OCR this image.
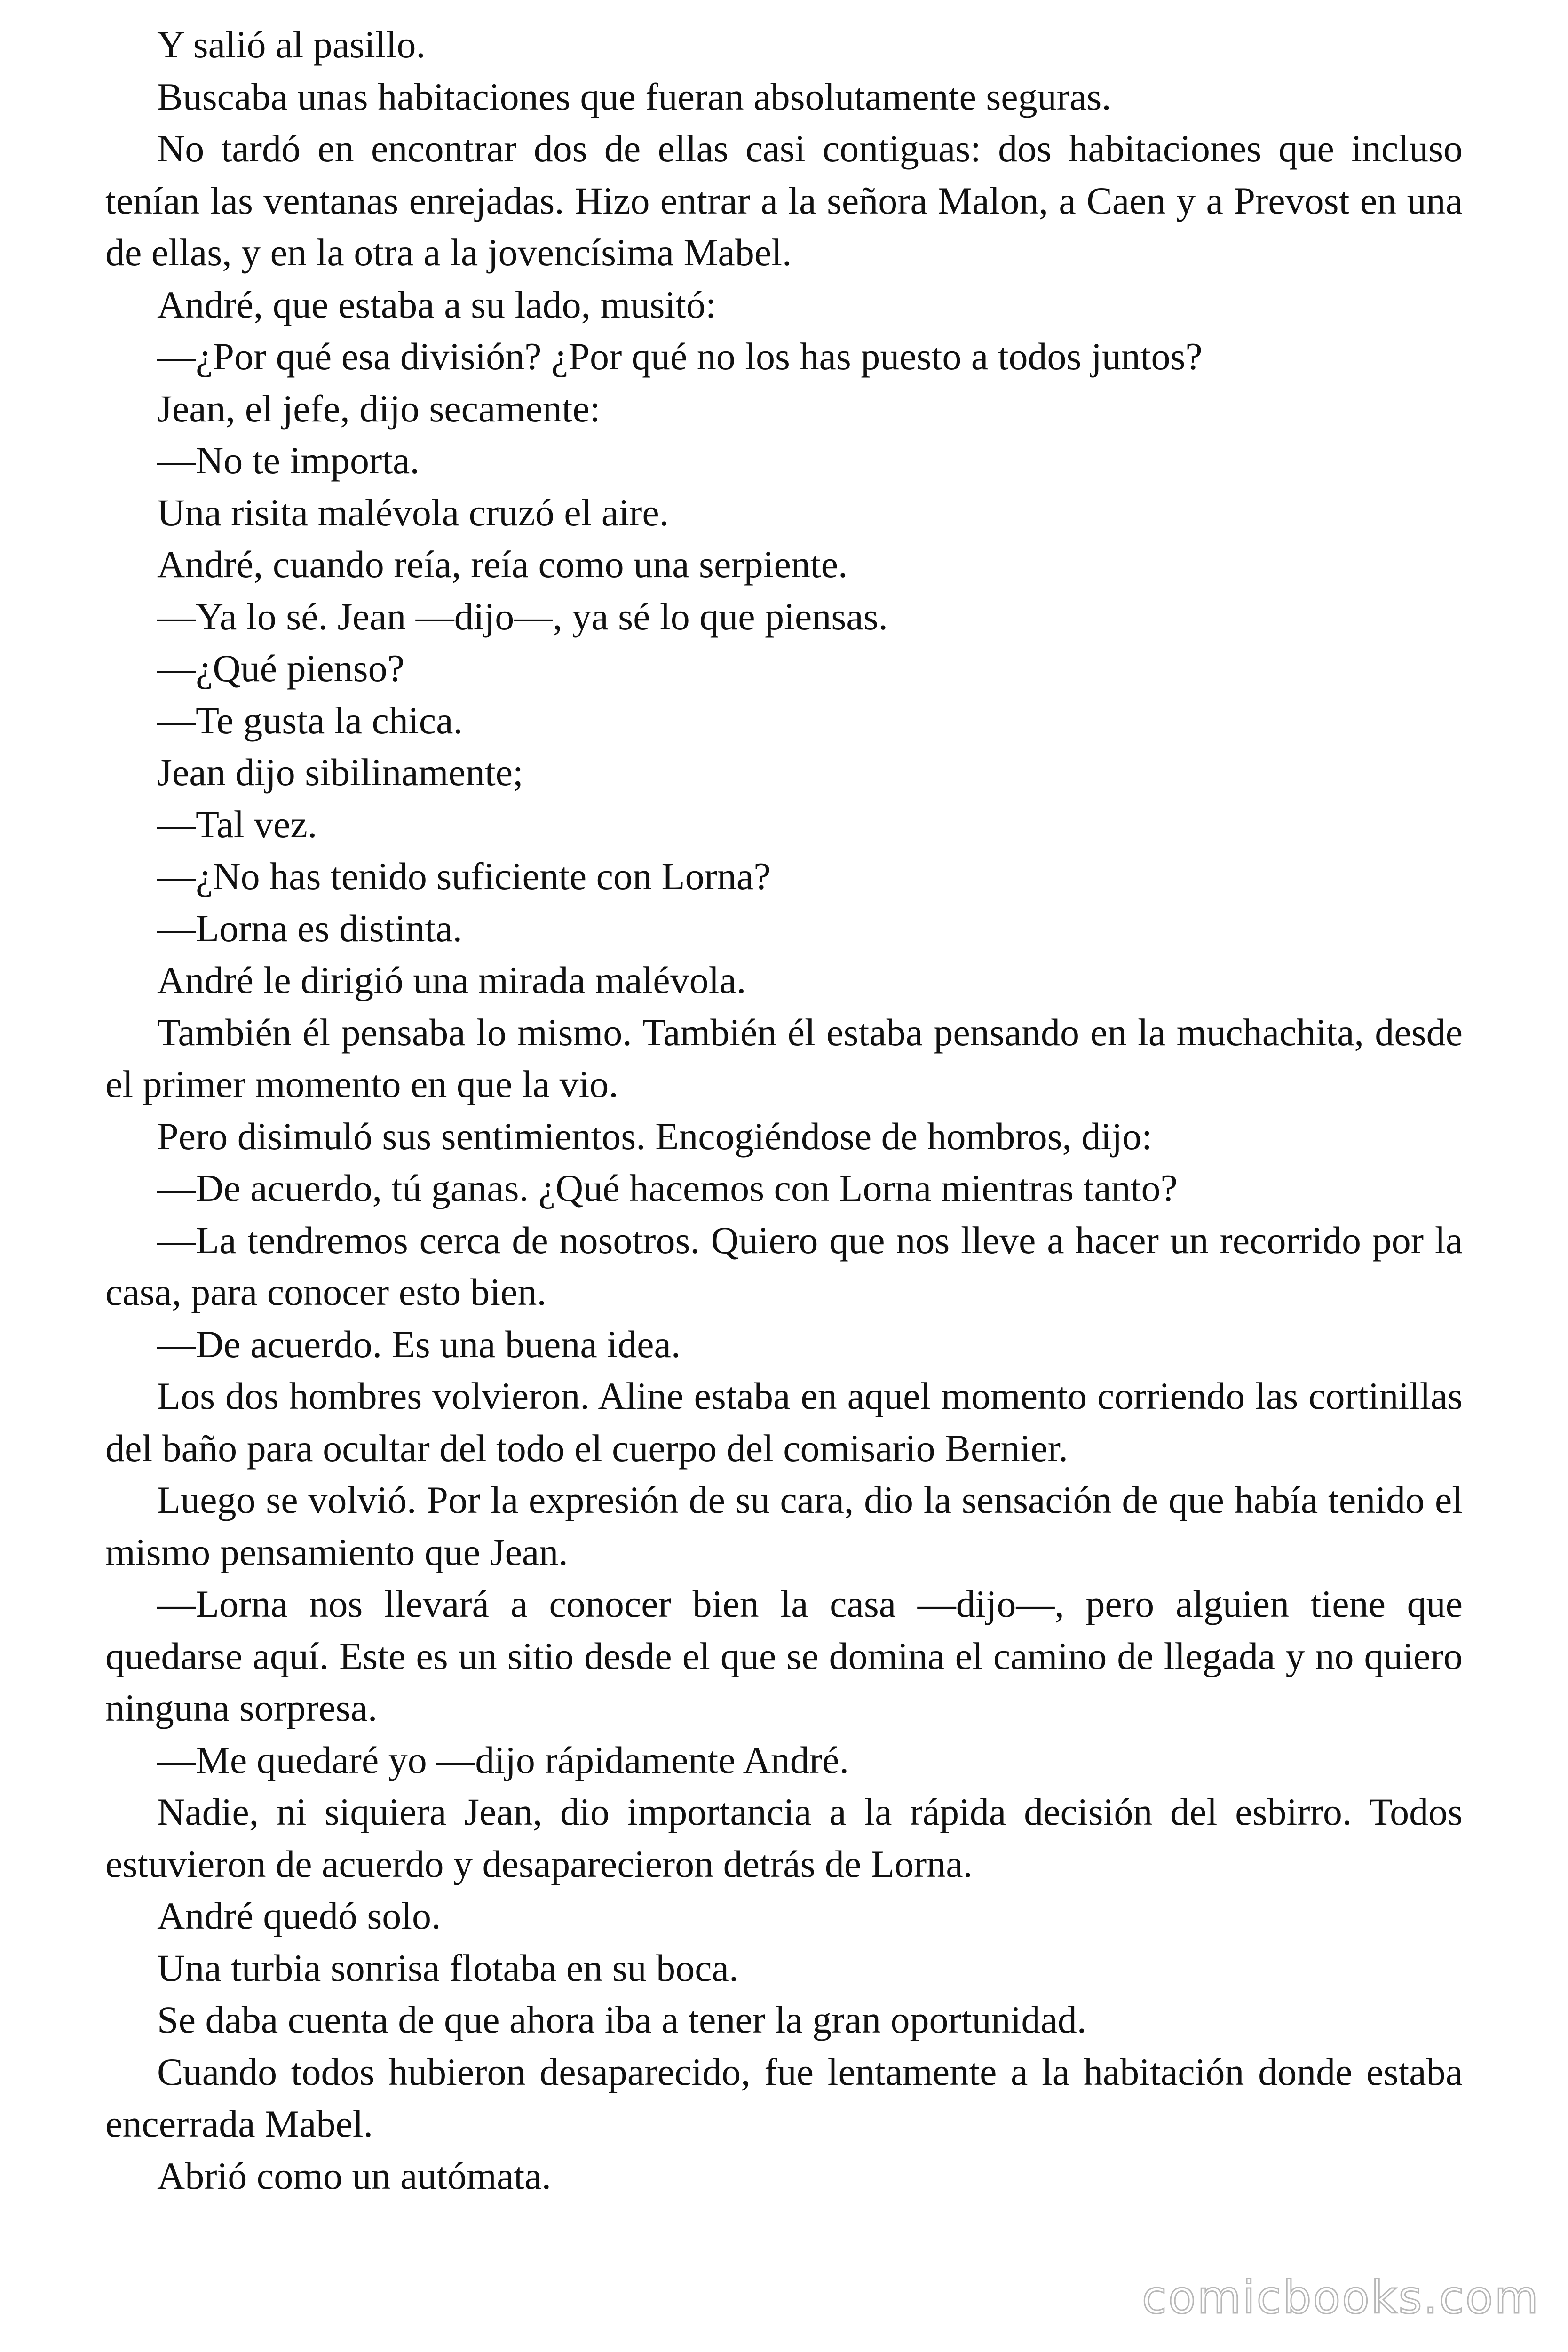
Y salió al pasillo.

Buscaba unas habitaciones que fueran absolutamente seguras.

No tardó en encontrar dos de ellas casi contiguas: dos habitaciones que incluso tenían las ventanas enrejadas. Hizo entrar a la señora Malon, a Caen y a Prevost en una de ellas, y en la otra a la jovencísima Mabel.

André, que estaba a su lado, musitó:

—¿Por qué esa división? ¿Por qué no los has puesto a todos juntos?

Jean, el jefe, dijo secamente:

—No te importa.

Una risita malévola cruzó el aire.

André, cuando reía, reía como una serpiente.

—Ya lo sé. Jean —dijo—, ya sé lo que piensas.

—¿Qué pienso?

—Te gusta la chica.

Jean dijo sibilinamente;

—Tal vez.

—¿No has tenido suficiente con Lorna?

—Lorna es distinta.

André le dirigió una mirada malévola.

También él pensaba lo mismo. También él estaba pensando en la muchachita, desde el primer momento en que la vio.

Pero disimuló sus sentimientos. Encogiéndose de hombros, dijo:

—De acuerdo, tú ganas. ¿Qué hacemos con Lorna mientras tanto?

—La tendremos cerca de nosotros. Quiero que nos lleve a hacer un recorrido por la casa, para conocer esto bien.

—De acuerdo. Es una buena idea.

Los dos hombres volvieron. Aline estaba en aquel momento corriendo las cortinillas del baño para ocultar del todo el cuerpo del comisario Bernier.

Luego se volvió. Por la expresión de su cara, dio la sensación de que había tenido el mismo pensamiento que Jean.

—Lorna nos llevará a conocer bien la casa —dijo—, pero alguien tiene que quedarse aquí. Este es un sitio desde el que se domina el camino de llegada y no quiero ninguna sorpresa.

—Me quedaré yo —dijo rápidamente André.

Nadie, ni siquiera Jean, dio importancia a la rápida decisión del esbirro. Todos estuvieron de acuerdo y desaparecieron detrás de Lorna.

André quedó solo.

Una turbia sonrisa flotaba en su boca.

Se daba cuenta de que ahora iba a tener la gran oportunidad.

Cuando todos hubieron desaparecido, fue lentamente a la habitación donde estaba encerrada Mabel.

Abrió como un autómata.

comicbooks.com
